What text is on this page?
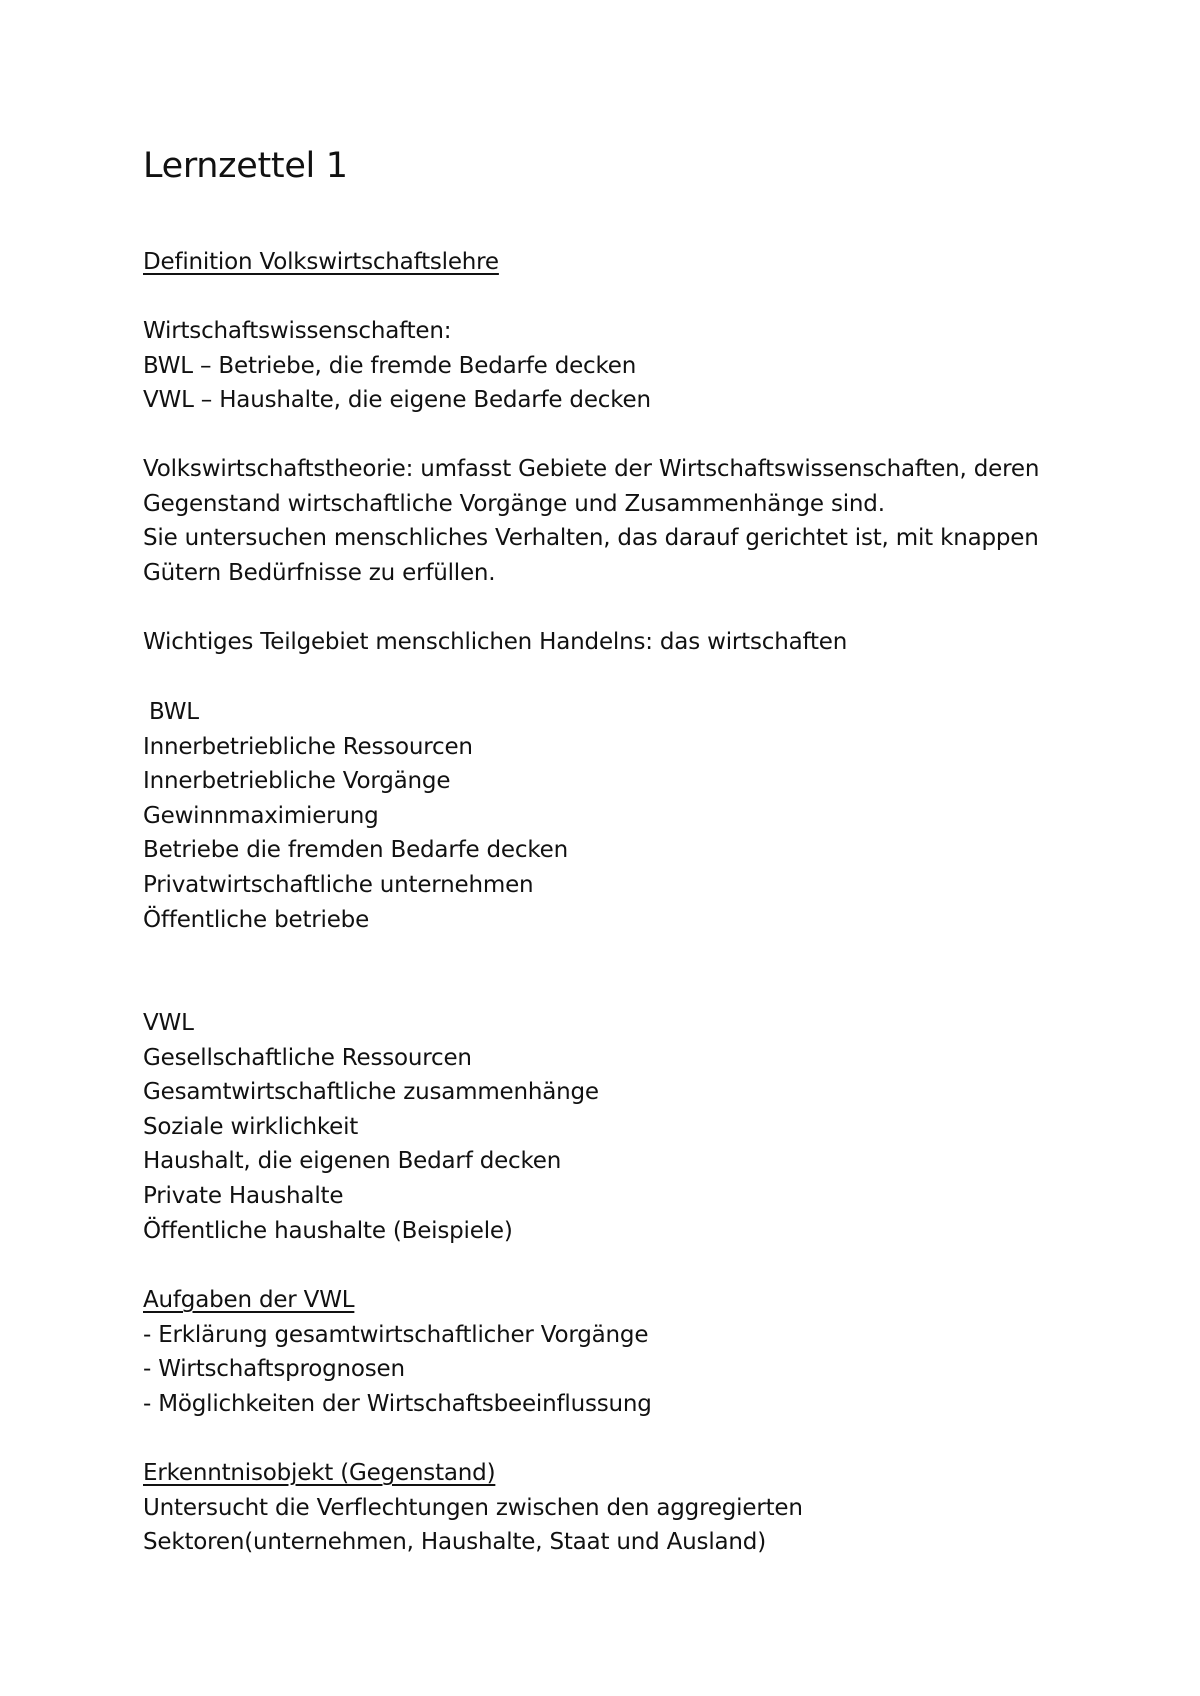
Lernzettel 1
Definition Volkswirtschaftslehre
Wirtschaftswissenschaften:
BWL – Betriebe, die fremde Bedarfe decken
VWL – Haushalte, die eigene Bedarfe decken
Volkswirtschaftstheorie: umfasst Gebiete der Wirtschaftswissenschaften, deren
Gegenstand wirtschaftliche Vorgänge und Zusammenhänge sind.
Sie untersuchen menschliches Verhalten, das darauf gerichtet ist, mit knappen
Gütern Bedürfnisse zu erfüllen.
Wichtiges Teilgebiet menschlichen Handelns: das wirtschaften
BWL
Innerbetriebliche Ressourcen
Innerbetriebliche Vorgänge
Gewinnmaximierung
Betriebe die fremden Bedarfe decken
Privatwirtschaftliche unternehmen
Öffentliche betriebe
VWL
Gesellschaftliche Ressourcen
Gesamtwirtschaftliche zusammenhänge
Soziale wirklichkeit
Haushalt, die eigenen Bedarf decken
Private Haushalte
Öffentliche haushalte (Beispiele)
Aufgaben der VWL
- Erklärung gesamtwirtschaftlicher Vorgänge
- Wirtschaftsprognosen
- Möglichkeiten der Wirtschaftsbeeinflussung
Erkenntnisobjekt (Gegenstand)
Untersucht die Verflechtungen zwischen den aggregierten
Sektoren(unternehmen, Haushalte, Staat und Ausland)
